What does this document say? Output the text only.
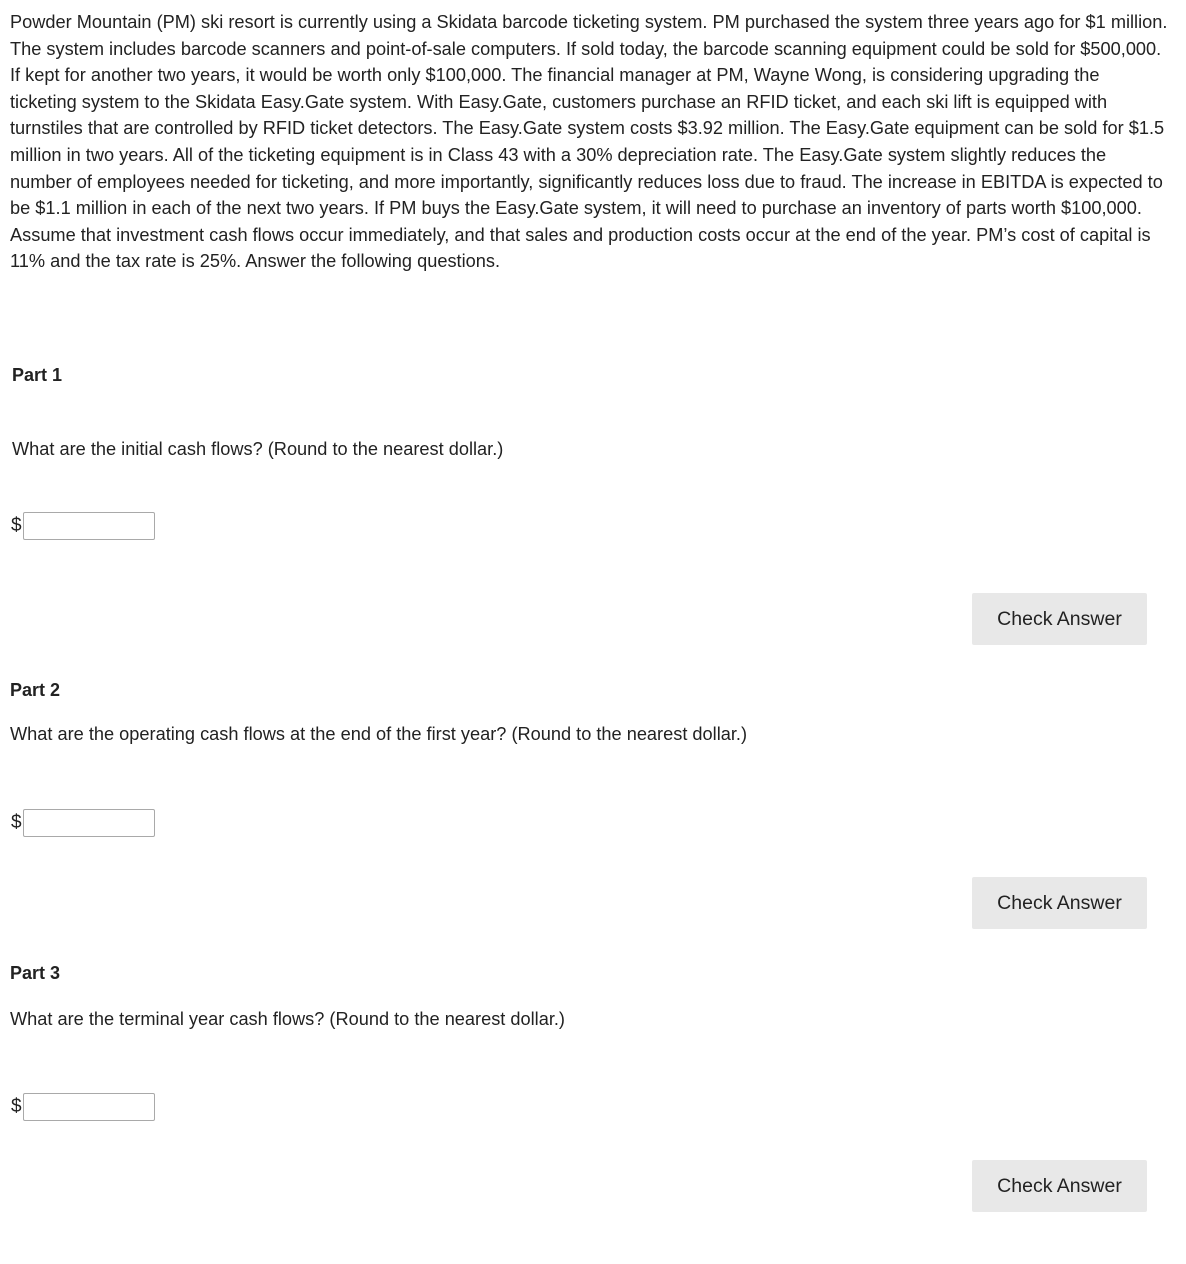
Powder Mountain (PM) ski resort is currently using a Skidata barcode ticketing system. PM purchased the system three years ago for $1 million. The system includes barcode scanners and point-of-sale computers. If sold today, the barcode scanning equipment could be sold for $500,000. If kept for another two years, it would be worth only $100,000. The financial manager at PM, Wayne Wong, is considering upgrading the ticketing system to the Skidata Easy.Gate system. With Easy.Gate, customers purchase an RFID ticket, and each ski lift is equipped with turnstiles that are controlled by RFID ticket detectors. The Easy.Gate system costs $3.92 million. The Easy.Gate equipment can be sold for $1.5 million in two years. All of the ticketing equipment is in Class 43 with a 30% depreciation rate. The Easy.Gate system slightly reduces the number of employees needed for ticketing, and more importantly, significantly reduces loss due to fraud. The increase in EBITDA is expected to be $1.1 million in each of the next two years. If PM buys the Easy.Gate system, it will need to purchase an inventory of parts worth $100,000. Assume that investment cash flows occur immediately, and that sales and production costs occur at the end of the year. PM’s cost of capital is 11% and the tax rate is 25%. Answer the following questions.

Part 1
What are the initial cash flows? (Round to the nearest dollar.)
$
Check Answer
Part 2
What are the operating cash flows at the end of the first year? (Round to the nearest dollar.)
$
Check Answer
Part 3
What are the terminal year cash flows? (Round to the nearest dollar.)
$
Check Answer
